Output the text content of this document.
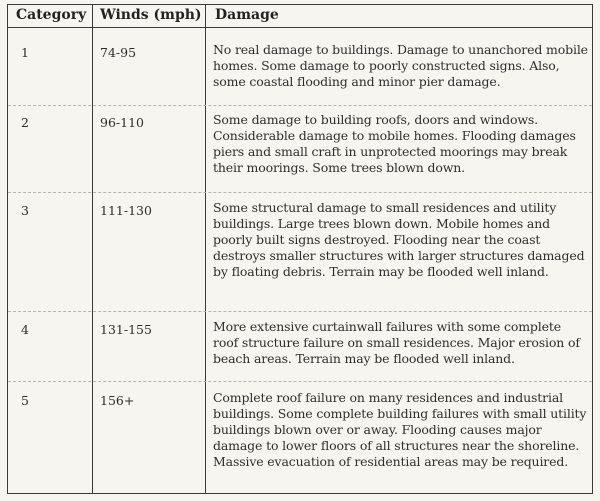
Category Winds (mph) Damage
1	74-95	No real damage to buildings. Damage to unanchored mobile homes. Some damage to poorly constructed signs. Also, some coastal flooding and minor pier damage.
2	96-110	Some damage to building roofs, doors and windows. Considerable damage to mobile homes. Flooding damages piers and small craft in unprotected moorings may break their moorings. Some trees blown down.
3	111-130	Some structural damage to small residences and utility buildings. Large trees blown down. Mobile homes and poorly built signs destroyed. Flooding near the coast destroys smaller structures with larger structures damaged by floating debris. Terrain may be flooded well inland.
4	131-155	More extensive curtainwall failures with some complete roof structure failure on small residences. Major erosion of beach areas. Terrain may be flooded well inland.
5	156+	Complete roof failure on many residences and industrial buildings. Some complete building failures with small utility buildings blown over or away. Flooding causes major damage to lower floors of all structures near the shoreline. Massive evacuation of residential areas may be required.
